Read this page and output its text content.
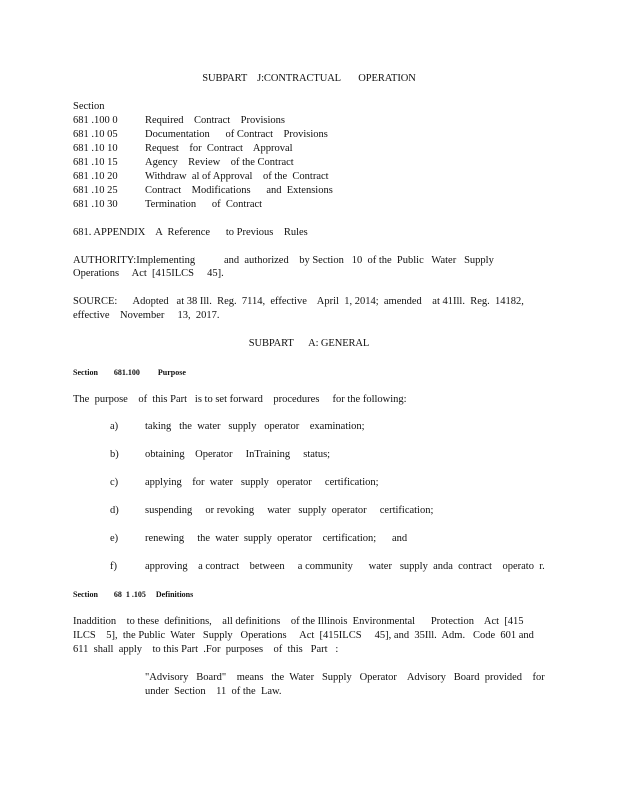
SUBPART    J:CONTRACTUAL       OPERATION
Section
681 .100 0	Required    Contract    Provisions
681 .10 05	Documentation      of Contract    Provisions
681 .10 10	Request    for  Contract    Approval
681 .10 15	Agency    Review    of the Contract
681 .10 20	Withdraw  al of Approval    of the  Contract
681 .10 25	Contract    Modifications      and  Extensions
681 .10 30	Termination      of  Contract
681. APPENDIX    A  Reference      to Previous    Rules
AUTHORITY:Implementing           and  authorized    by Section   10  of the  Public   Water   Supply
Operations     Act  [415ILCS     45].
SOURCE:      Adopted   at 38 Ill.  Reg.  7114,  effective    April  1, 2014;  amended    at 41Ill.  Reg.  14182,
effective    November     13,  2017.
SUBPART      A: GENERAL
Section        681.100         Purpose
The  purpose    of  this Part   is to set forward    procedures     for the following:
a)	taking   the  water   supply   operator    examination;
b)	obtaining    Operator     InTraining     status;
c)	applying    for  water   supply   operator     certification;
d)	suspending     or revoking     water   supply  operator     certification;
e)	renewing     the  water  supply  operator    certification;      and
f)	approving    a contract    between     a community      water   supply  anda  contract    operato  r.
Section        68  1 .105     Definitions
Inaddition    to these  definitions,    all definitions    of the Illinois  Environmental      Protection    Act  [415
ILCS    5],  the Public  Water   Supply   Operations     Act  [415ILCS     45], and  35Ill.  Adm.   Code  601 and
611  shall  apply    to this Part  .For  purposes    of  this   Part   :
"Advisory   Board"    means   the  Water   Supply   Operator    Advisory   Board  provided    for
under  Section    11  of the  Law.
